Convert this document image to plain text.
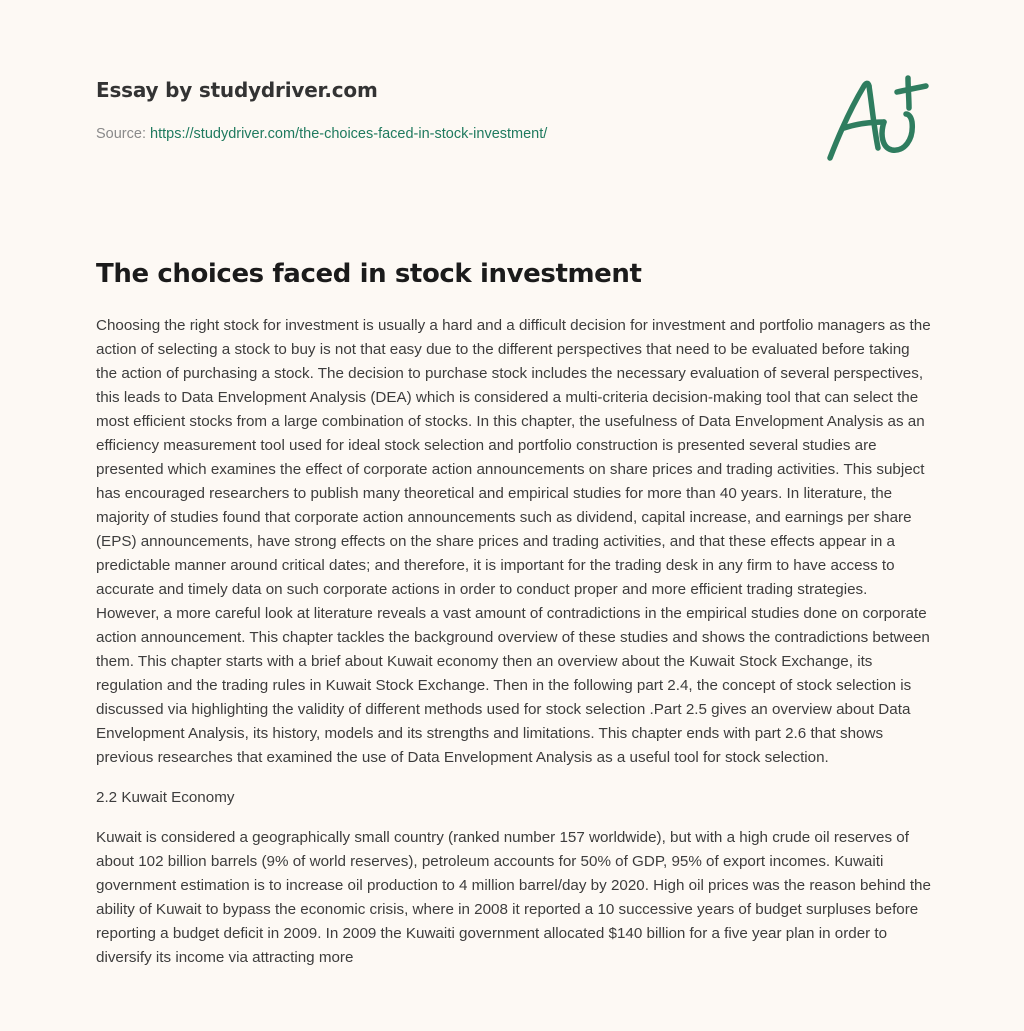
Essay by studydriver.com
Source: https://studydriver.com/the-choices-faced-in-stock-investment/
The choices faced in stock investment

Choosing the right stock for investment is usually a hard and a difficult decision for investment and portfolio managers as the action of selecting a stock to buy is not that easy due to the different perspectives that need to be evaluated before taking the action of purchasing a stock. The decision to purchase stock includes the necessary evaluation of several perspectives, this leads to Data Envelopment Analysis (DEA) which is considered a multi-criteria decision-making tool that can select the most efficient stocks from a large combination of stocks. In this chapter, the usefulness of Data Envelopment Analysis as an efficiency measurement tool used for ideal stock selection and portfolio construction is presented several studies are presented which examines the effect of corporate action announcements on share prices and trading activities. This subject has encouraged researchers to publish many theoretical and empirical studies for more than 40 years. In literature, the majority of studies found that corporate action announcements such as dividend, capital increase, and earnings per share (EPS) announcements, have strong effects on the share prices and trading activities, and that these effects appear in a predictable manner around critical dates; and therefore, it is important for the trading desk in any firm to have access to accurate and timely data on such corporate actions in order to conduct proper and more efficient trading strategies. However, a more careful look at literature reveals a vast amount of contradictions in the empirical studies done on corporate action announcement. This chapter tackles the background overview of these studies and shows the contradictions between them. This chapter starts with a brief about Kuwait economy then an overview about the Kuwait Stock Exchange, its regulation and the trading rules in Kuwait Stock Exchange. Then in the following part 2.4, the concept of stock selection is discussed via highlighting the validity of different methods used for stock selection .Part 2.5 gives an overview about Data Envelopment Analysis, its history, models and its strengths and limitations. This chapter ends with part 2.6 that shows previous researches that examined the use of Data Envelopment Analysis as a useful tool for stock selection.

2.2 Kuwait Economy

Kuwait is considered a geographically small country (ranked number 157 worldwide), but with a high crude oil reserves of about 102 billion barrels (9% of world reserves), petroleum accounts for 50% of GDP, 95% of export incomes. Kuwaiti government estimation is to increase oil production to 4 million barrel/day by 2020. High oil prices was the reason behind the ability of Kuwait to bypass the economic crisis, where in 2008 it reported a 10 successive years of budget surpluses before reporting a budget deficit in 2009. In 2009 the Kuwaiti government allocated $140 billion for a five year plan in order to diversify its income via attracting more
